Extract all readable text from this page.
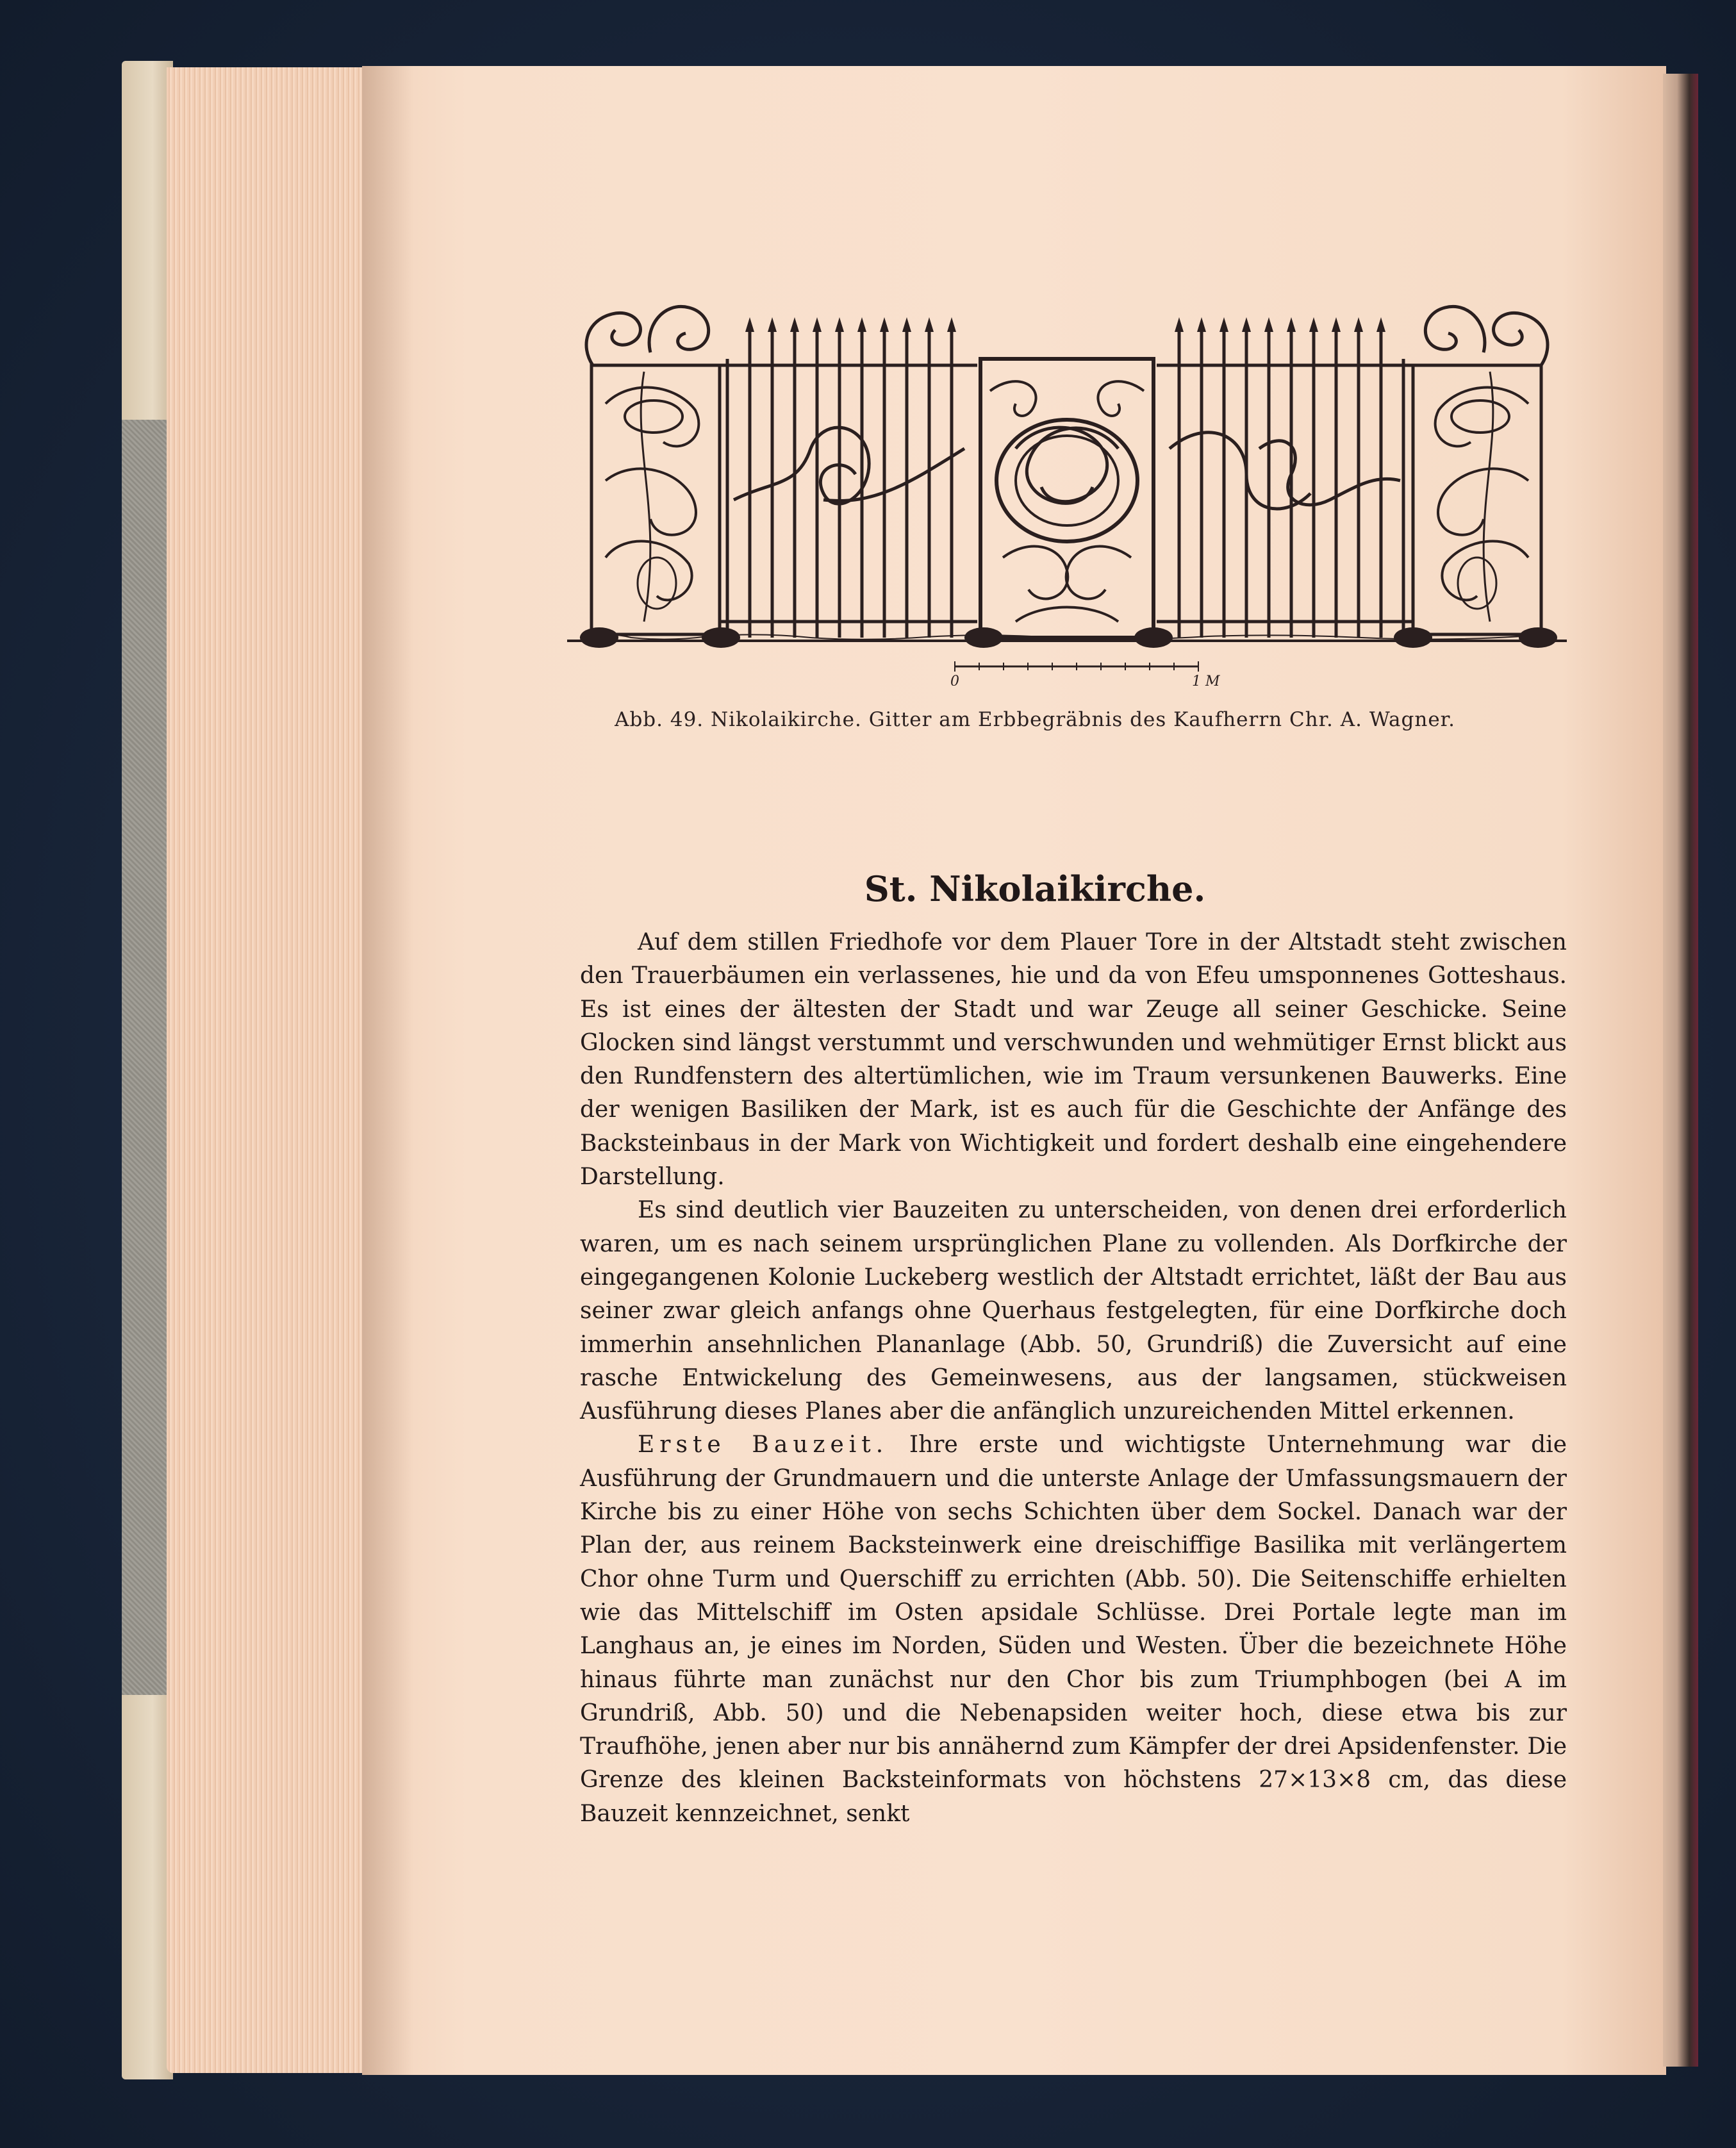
0	1 M
Abb. 49. Nikolaikirche. Gitter am Erbbegräbnis des Kaufherrn Chr. A. Wagner.
St. Nikolaikirche.

Auf dem stillen Friedhofe vor dem Plauer Tore in der Altstadt steht zwischen den Trauerbäumen ein verlassenes, hie und da von Efeu umsponnenes Gotteshaus. Es ist eines der ältesten der Stadt und war Zeuge all seiner Geschicke. Seine Glocken sind längst verstummt und verschwunden und wehmütiger Ernst blickt aus den Rundfenstern des altertümlichen, wie im Traum versunkenen Bauwerks. Eine der wenigen Basiliken der Mark, ist es auch für die Geschichte der Anfänge des Backsteinbaus in der Mark von Wichtigkeit und fordert deshalb eine eingehendere Darstellung.

Es sind deutlich vier Bauzeiten zu unterscheiden, von denen drei erforderlich waren, um es nach seinem ursprünglichen Plane zu vollenden. Als Dorfkirche der eingegangenen Kolonie Luckeberg westlich der Altstadt errichtet, läßt der Bau aus seiner zwar gleich anfangs ohne Querhaus festgelegten, für eine Dorfkirche doch immerhin ansehnlichen Plananlage (Abb. 50, Grundriß) die Zuversicht auf eine rasche Entwickelung des Gemeinwesens, aus der langsamen, stückweisen Ausführung dieses Planes aber die anfänglich unzureichenden Mittel erkennen.

Erste Bauzeit. Ihre erste und wichtigste Unternehmung war die Ausführung der Grundmauern und die unterste Anlage der Umfassungsmauern der Kirche bis zu einer Höhe von sechs Schichten über dem Sockel. Danach war der Plan der, aus reinem Backsteinwerk eine dreischiffige Basilika mit verlängertem Chor ohne Turm und Querschiff zu errichten (Abb. 50). Die Seitenschiffe erhielten wie das Mittelschiff im Osten apsidale Schlüsse. Drei Portale legte man im Langhaus an, je eines im Norden, Süden und Westen. Über die bezeichnete Höhe hinaus führte man zunächst nur den Chor bis zum Triumphbogen (bei A im Grundriß, Abb. 50) und die Nebenapsiden weiter hoch, diese etwa bis zur Traufhöhe, jenen aber nur bis annähernd zum Kämpfer der drei Apsidenfenster. Die Grenze des kleinen Backsteinformats von höchstens 27×13×8 cm, das diese Bauzeit kennzeichnet, senkt
